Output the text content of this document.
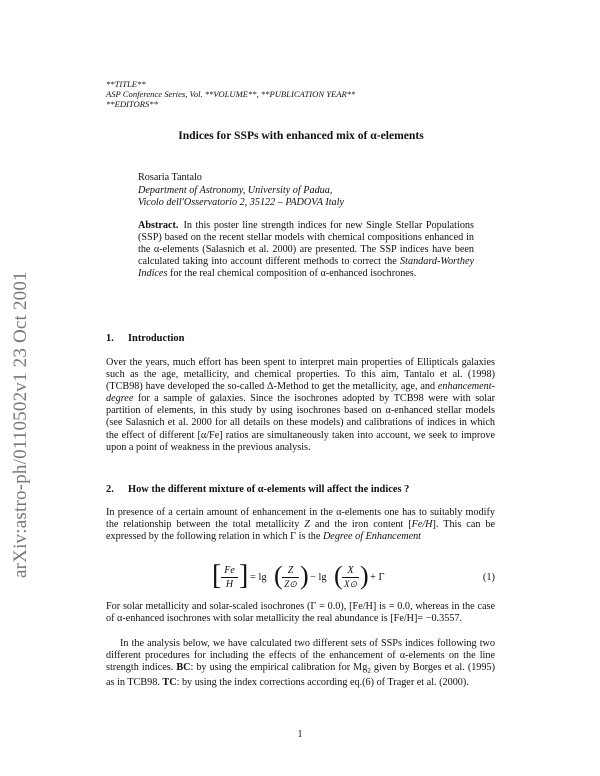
arXiv:astro-ph/0110502v1 23 Oct 2001
**TITLE**
ASP Conference Series, Vol. **VOLUME**, **PUBLICATION YEAR**
**EDITORS**
Indices for SSPs with enhanced mix of α-elements
Rosaria Tantalo
Department of Astronomy, University of Padua,
Vicolo dell'Osservatorio 2, 35122 – PADOVA Italy
Abstract. In this poster line strength indices for new Single Stellar Populations (SSP) based on the recent stellar models with chemical compositions enhanced in the α-elements (Salasnich et al. 2000) are presented. The SSP indices have been calculated taking into account different methods to correct the Standard-Worthey Indices for the real chemical composition of α-enhanced isochrones.
1. Introduction
Over the years, much effort has been spent to interpret main properties of Ellipticals galaxies such as the age, metallicity, and chemical properties. To this aim, Tantalo et al. (1998) (TCB98) have developed the so-called Δ-Method to get the metallicity, age, and enhancement-degree for a sample of galaxies. Since the isochrones adopted by TCB98 were with solar partition of elements, in this study by using isochrones based on α-enhanced stellar models (see Salasnich et al. 2000 for all details on these models) and calibrations of indices in which the effect of different [α/Fe] ratios are simultaneously taken into account, we seek to improve upon a point of weakness in the previous analysis.
2. How the different mixture of α-elements will affect the indices ?
In presence of a certain amount of enhancement in the α-elements one has to suitably modify the relationship between the total metallicity Z and the iron content [Fe/H]. This can be expressed by the following relation in which Γ is the Degree of Enhancement
[ $\frac{Fe}{H}$ ] = lg ( $\frac{Z}{Z⊙}$ ) − lg ( $\frac{X}{X⊙}$ ) + Γ	(1)
For solar metallicity and solar-scaled isochrones (Γ = 0.0), [Fe/H] is = 0.0, whereas in the case of α-enhanced isochrones with solar metallicity the real abundance is [Fe/H]= −0.3557.
In the analysis below, we have calculated two different sets of SSPs indices following two different procedures for including the effects of the enhancement of α-elements on the line strength indices. BC: by using the empirical calibration for $Mg_2$ given by Borges et al. (1995) as in TCB98. TC: by using the index corrections according eq.(6) of Trager et al. (2000).
1
